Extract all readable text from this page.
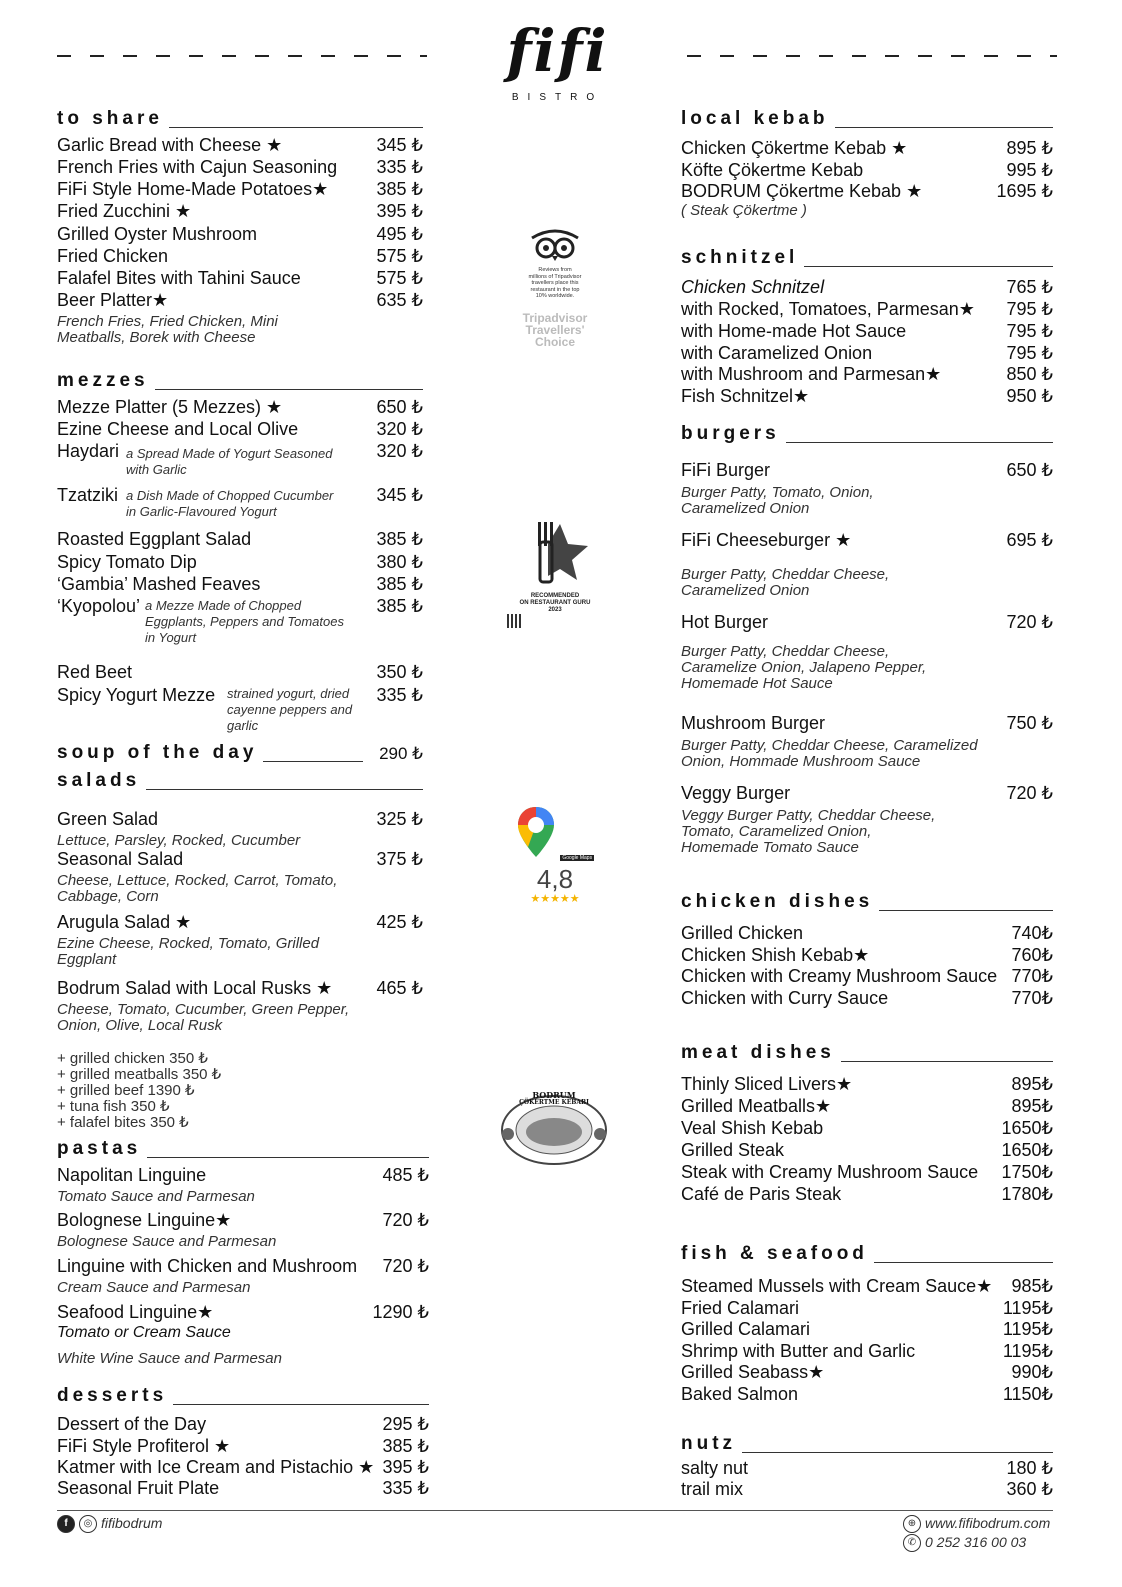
fifi
BISTRO
to share
Garlic Bread with Cheese ★	345 ₺
French Fries with Cajun Seasoning 335 ₺
FiFi Style Home-Made Potatoes★	385 ₺
Fried Zucchini ★	395 ₺
Grilled Oyster Mushroom	495 ₺
Fried Chicken	575 ₺
Falafel Bites with Tahini Sauce	575 ₺
Beer Platter★	635 ₺
French Fries, Fried Chicken, Mini
Meatballs, Borek with Cheese
mezzes
Mezze Platter (5 Mezzes) ★	650 ₺
Ezine Cheese and Local Olive	320 ₺
Haydari	320 ₺
a Spread Made of Yogurt Seasoned
with Garlic
Tzatziki	345 ₺
a Dish Made of Chopped Cucumber
in Garlic-Flavoured Yogurt
Roasted Eggplant Salad	385 ₺
Spicy Tomato Dip	380 ₺
‘Gambia’ Mashed Feaves	385 ₺
‘Kyopolou’	385 ₺
a Mezze Made of Chopped
Eggplants, Peppers and Tomatoes
in Yogurt
Red Beet	350 ₺
Spicy Yogurt Mezze	335 ₺
strained yogurt, dried
cayenne peppers and
garlic
soup of the day	290 ₺
salads
Green Salad	325 ₺
Lettuce, Parsley, Rocked, Cucumber
Seasonal Salad	375 ₺
Cheese, Lettuce, Rocked, Carrot, Tomato,
Cabbage, Corn
Arugula Salad ★	425 ₺
Ezine Cheese, Rocked, Tomato, Grilled
Eggplant
Bodrum Salad with Local Rusks ★ 465 ₺
Cheese, Tomato, Cucumber, Green Pepper,
Onion, Olive, Local Rusk
+ grilled chicken 350 ₺
+ grilled meatballs 350 ₺
+ grilled beef 1390 ₺
+ tuna fish 350 ₺
+ falafel bites 350 ₺
pastas
Napolitan Linguine	485 ₺
Tomato Sauce and Parmesan
Bolognese Linguine★	720 ₺
Bolognese Sauce and Parmesan
Linguine with Chicken and Mushroom 720 ₺
Cream Sauce and Parmesan
Seafood Linguine★	1290 ₺
Tomato or Cream Sauce
White Wine Sauce and Parmesan
desserts
Dessert of the Day	295 ₺
FiFi Style Profiterol ★	385 ₺
Katmer with Ice Cream and Pistachio ★ 395 ₺
Seasonal Fruit Plate	335 ₺
Reviews from
millions of Tripadvisor
travellers place this
restaurant in the top
10% worldwide.
Tripadvisor
Travellers'
Choice
RECOMMENDED
ON RESTAURANT GURU
2023
Google Maps
4,8
★★★★★
BODRUM
ÇÖKERTME KEBABI
local kebab
Chicken Çökertme Kebab ★	895 ₺
Köfte Çökertme Kebab	995 ₺
BODRUM Çökertme Kebab ★	1695 ₺
( Steak Çökertme )
schnitzel
Chicken Schnitzel	765 ₺
with Rocked, Tomatoes, Parmesan★ 795 ₺
with Home-made Hot Sauce	795 ₺
with Caramelized Onion	795 ₺
with Mushroom and Parmesan★	850 ₺
Fish Schnitzel★	950 ₺
burgers
FiFi Burger	650 ₺
Burger Patty, Tomato, Onion,
Caramelized Onion
FiFi Cheeseburger ★	695 ₺
Burger Patty, Cheddar Cheese,
Caramelized Onion
Hot Burger	720 ₺
Burger Patty, Cheddar Cheese,
Caramelize Onion, Jalapeno Pepper,
Homemade Hot Sauce
Mushroom Burger	750 ₺
Burger Patty, Cheddar Cheese, Caramelized
Onion, Hommade Mushroom Sauce
Veggy Burger	720 ₺
Veggy Burger Patty, Cheddar Cheese,
Tomato, Caramelized Onion,
Homemade Tomato Sauce
chicken dishes
Grilled Chicken	740₺
Chicken Shish Kebab★	760₺
Chicken with Creamy Mushroom Sauce 770₺
Chicken with Curry Sauce	770₺
meat dishes
Thinly Sliced Livers★	895₺
Grilled Meatballs★	895₺
Veal Shish Kebab	1650₺
Grilled Steak	1650₺
Steak with Creamy Mushroom Sauce 1750₺
Café de Paris Steak	1780₺
fish & seafood
Steamed Mussels with Cream Sauce★ 985₺
Fried Calamari	1195₺
Grilled Calamari	1195₺
Shrimp with Butter and Garlic	1195₺
Grilled Seabass★	990₺
Baked Salmon	1150₺
nutz
salty nut	180 ₺
trail mix	360 ₺
f ◎ fifibodrum	⊕ www.fifibodrum.com
✆ 0 252 316 00 03
